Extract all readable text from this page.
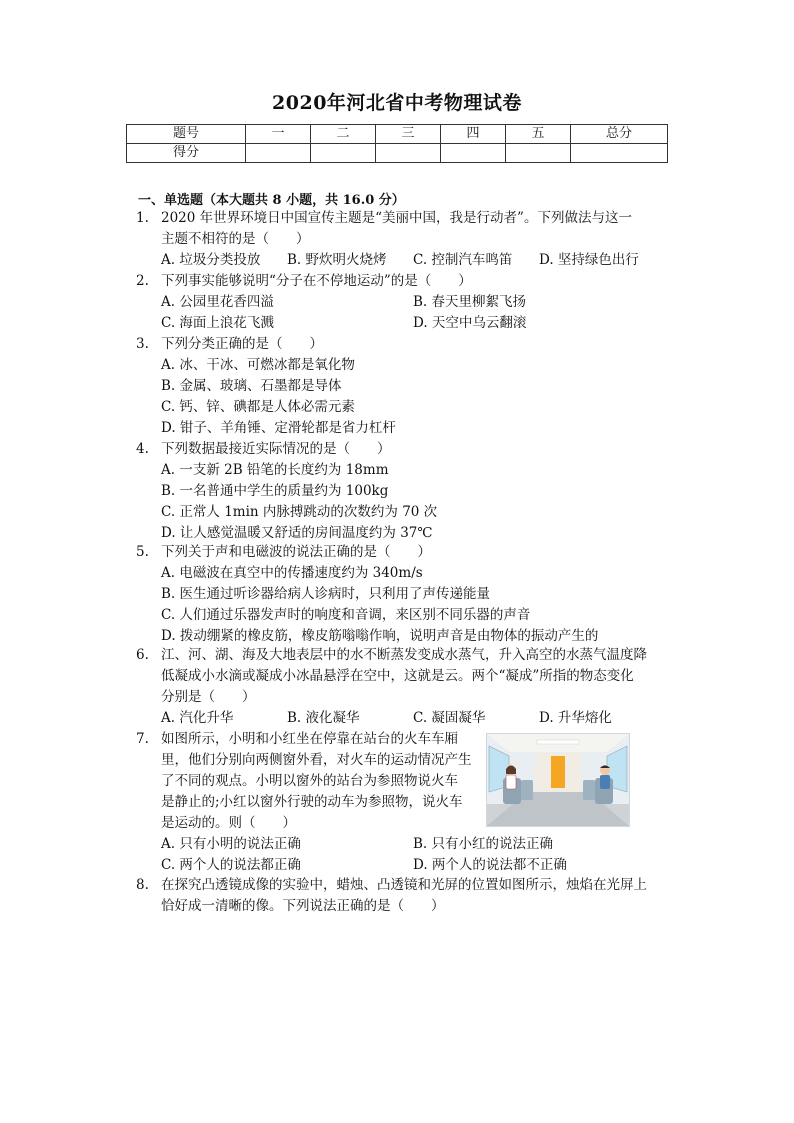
2020年河北省中考物理试卷
题号	一	二	三	四	五	总分
得分						
一、单选题（本大题共 8 小题，共 16.0 分）
1. 2020 年世界环境日中国宣传主题是“美丽中国，我是行动者”。下列做法与这一
主题不相符的是（　　）
A. 垃圾分类投放 B. 野炊明火烧烤 C. 控制汽车鸣笛 D. 坚持绿色出行
2. 下列事实能够说明“分子在不停地运动”的是（　　）
A. 公园里花香四溢	B. 春天里柳絮飞扬
C. 海面上浪花飞溅	D. 天空中乌云翻滚
3. 下列分类正确的是（　　）
A. 冰、干冰、可燃冰都是氧化物
B. 金属、玻璃、石墨都是导体
C. 钙、锌、碘都是人体必需元素
D. 钳子、羊角锤、定滑轮都是省力杠杆
4. 下列数据最接近实际情况的是（　　）
A. 一支新 2B 铅笔的长度约为 18mm
B. 一名普通中学生的质量约为 100kg
C. 正常人 1min 内脉搏跳动的次数约为 70 次
D. 让人感觉温暖又舒适的房间温度约为 37℃
5. 下列关于声和电磁波的说法正确的是（　　）
A. 电磁波在真空中的传播速度约为 340m/s
B. 医生通过听诊器给病人诊病时，只利用了声传递能量
C. 人们通过乐器发声时的响度和音调，来区别不同乐器的声音
D. 拨动绷紧的橡皮筋，橡皮筋嗡嗡作响，说明声音是由物体的振动产生的
6. 江、河、湖、海及大地表层中的水不断蒸发变成水蒸气，升入高空的水蒸气温度降
低凝成小水滴或凝成小冰晶悬浮在空中，这就是云。两个“凝成”所指的物态变化
分别是（　　）
A. 汽化升华	B. 液化凝华	C. 凝固凝华	D. 升华熔化
7. 如图所示，小明和小红坐在停靠在站台的火车车厢
里，他们分别向两侧窗外看，对火车的运动情况产生
了不同的观点。小明以窗外的站台为参照物说火车
是静止的;小红以窗外行驶的动车为参照物，说火车
是运动的。则（　　）
A. 只有小明的说法正确	B. 只有小红的说法正确
C. 两个人的说法都正确	D. 两个人的说法都不正确
8. 在探究凸透镜成像的实验中，蜡烛、凸透镜和光屏的位置如图所示，烛焰在光屏上
恰好成一清晰的像。下列说法正确的是（　　）
